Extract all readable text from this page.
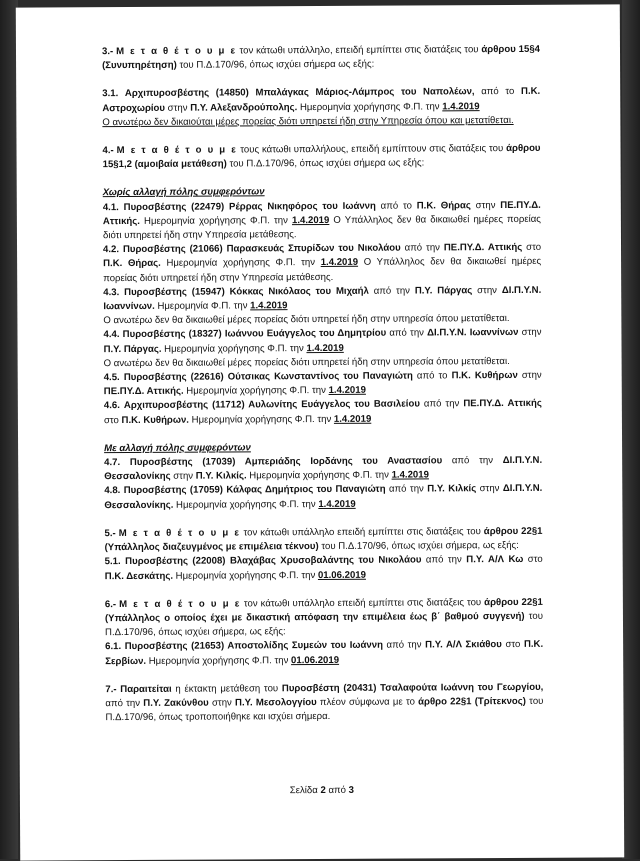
3.- Μ ε τ α θ έ τ ο υ μ ε τον κάτωθι υπάλληλο, επειδή εμπίπτει στις διατάξεις του άρθρου 15§4 (Συνυπηρέτηση) του Π.Δ.170/96, όπως ισχύει σήμερα ως εξής:

3.1. Αρχιπυροσβέστης (14850) Μπαλάγκας Μάριος-Λάμπρος του Ναπολέων, από το Π.Κ. Αστροχωρίου στην Π.Υ. Αλεξανδρούπολης. Ημερομηνία χορήγησης Φ.Π. την 1.4.2019

Ο ανωτέρω δεν δικαιούται μέρες πορείας διότι υπηρετεί ήδη στην Υπηρεσία όπου και μετατίθεται.

4.- Μ ε τ α θ έ τ ο υ μ ε τους κάτωθι υπαλλήλους, επειδή εμπίπτουν στις διατάξεις του άρθρου 15§1,2 (αμοιβαία μετάθεση) του Π.Δ.170/96, όπως ισχύει σήμερα ως εξής:

Χωρίς αλλαγή πόλης συμφερόντων

4.1. Πυροσβέστης (22479) Ρέρρας Νικηφόρος του Ιωάννη από το Π.Κ. Θήρας στην ΠΕ.ΠΥ.Δ. Αττικής. Ημερομηνία χορήγησης Φ.Π. την 1.4.2019 Ο Υπάλληλος δεν θα δικαιωθεί ημέρες πορείας διότι υπηρετεί ήδη στην Υπηρεσία μετάθεσης.

4.2. Πυροσβέστης (21066) Παρασκευάς Σπυρίδων του Νικολάου από την ΠΕ.ΠΥ.Δ. Αττικής στο Π.Κ. Θήρας. Ημερομηνία χορήγησης Φ.Π. την 1.4.2019 Ο Υπάλληλος δεν θα δικαιωθεί ημέρες πορείας διότι υπηρετεί ήδη στην Υπηρεσία μετάθεσης.

4.3. Πυροσβέστης (15947) Κόκκας Νικόλαος του Μιχαήλ από την Π.Υ. Πάργας στην ΔΙ.Π.Υ.Ν. Ιωαννίνων. Ημερομηνία Φ.Π. την 1.4.2019

Ο ανωτέρω δεν θα δικαιωθεί μέρες πορείας διότι υπηρετεί ήδη στην υπηρεσία όπου μετατίθεται.

4.4. Πυροσβέστης (18327) Ιωάννου Ευάγγελος του Δημητρίου από την ΔΙ.Π.Υ.Ν. Ιωαννίνων στην Π.Υ. Πάργας. Ημερομηνία χορήγησης Φ.Π. την 1.4.2019

Ο ανωτέρω δεν θα δικαιωθεί μέρες πορείας διότι υπηρετεί ήδη στην υπηρεσία όπου μετατίθεται.

4.5. Πυροσβέστης (22616) Ούτσικας Κωνσταντίνος του Παναγιώτη από το Π.Κ. Κυθήρων στην ΠΕ.ΠΥ.Δ. Αττικής. Ημερομηνία χορήγησης Φ.Π. την 1.4.2019

4.6. Αρχιπυροσβέστης (11712) Αυλωνίτης Ευάγγελος του Βασιλείου από την ΠΕ.ΠΥ.Δ. Αττικής στο Π.Κ. Κυθήρων. Ημερομηνία χορήγησης Φ.Π. την 1.4.2019

Με αλλαγή πόλης συμφερόντων

4.7. Πυροσβέστης (17039) Αμπεριάδης Ιορδάνης του Αναστασίου από την ΔΙ.Π.Υ.Ν. Θεσσαλονίκης στην Π.Υ. Κιλκίς. Ημερομηνία χορήγησης Φ.Π. την 1.4.2019

4.8. Πυροσβέστης (17059) Κάλφας Δημήτριος του Παναγιώτη από την Π.Υ. Κιλκίς στην ΔΙ.Π.Υ.Ν. Θεσσαλονίκης. Ημερομηνία χορήγησης Φ.Π. την 1.4.2019

5.- Μ ε τ α θ έ τ ο υ μ ε τον κάτωθι υπάλληλο επειδή εμπίπτει στις διατάξεις του άρθρου 22§1 (Υπάλληλος διαζευγμένος με επιμέλεια τέκνου) του Π.Δ.170/96, όπως ισχύει σήμερα, ως εξής:

5.1. Πυροσβέστης (22008) Βλαχάβας Χρυσοβαλάντης του Νικολάου από την Π.Υ. Α/Λ Κω στο Π.Κ. Δεσκάτης. Ημερομηνία χορήγησης Φ.Π. την 01.06.2019

6.- Μ ε τ α θ έ τ ο υ μ ε τον κάτωθι υπάλληλο επειδή εμπίπτει στις διατάξεις του άρθρου 22§1 (Υπάλληλος ο οποίος έχει με δικαστική απόφαση την επιμέλεια έως β΄ βαθμού συγγενή) του Π.Δ.170/96, όπως ισχύει σήμερα, ως εξής:

6.1. Πυροσβέστης (21653) Αποστολίδης Συμεών του Ιωάννη από την Π.Υ. Α/Λ Σκιάθου στο Π.Κ. Σερβίων. Ημερομηνία χορήγησης Φ.Π. την 01.06.2019

7.- Παραιτείται η έκτακτη μετάθεση του Πυροσβέστη (20431) Τσαλαφούτα Ιωάννη του Γεωργίου, από την Π.Υ. Ζακύνθου στην Π.Υ. Μεσολογγίου πλέον σύμφωνα με το άρθρο 22§1 (Τρίτεκνος) του Π.Δ.170/96, όπως τροποποιήθηκε και ισχύει σήμερα.

Σελίδα 2 από 3
